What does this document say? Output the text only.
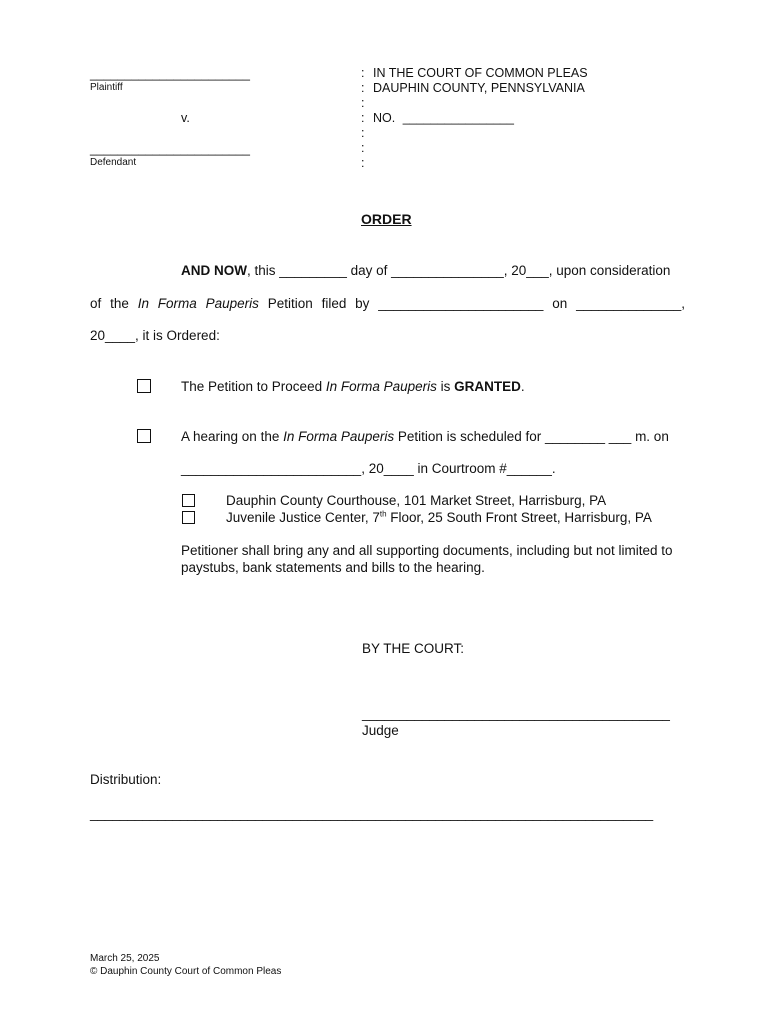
_______________________
Plaintiff
v.
_______________________
Defendant
:
:
:
:
:
:
:
IN THE COURT OF COMMON PLEAS
DAUPHIN COUNTY, PENNSYLVANIA
NO. ________________
ORDER
AND NOW, this _________ day of _______________, 20___, upon consideration
of the In Forma Pauperis Petition filed by ______________________ on ______________,
20____, it is Ordered:
The Petition to Proceed In Forma Pauperis is GRANTED.
A hearing on the In Forma Pauperis Petition is scheduled for ________ ___ m. on
________________________, 20____ in Courtroom #______.
Dauphin County Courthouse, 101 Market Street, Harrisburg, PA
Juvenile Justice Center, 7th Floor, 25 South Front Street, Harrisburg, PA
Petitioner shall bring any and all supporting documents, including but not limited to
paystubs, bank statements and bills to the hearing.
BY THE COURT:
_________________________________________
Judge
Distribution:
___________________________________________________________________________
March 25, 2025
© Dauphin County Court of Common Pleas
